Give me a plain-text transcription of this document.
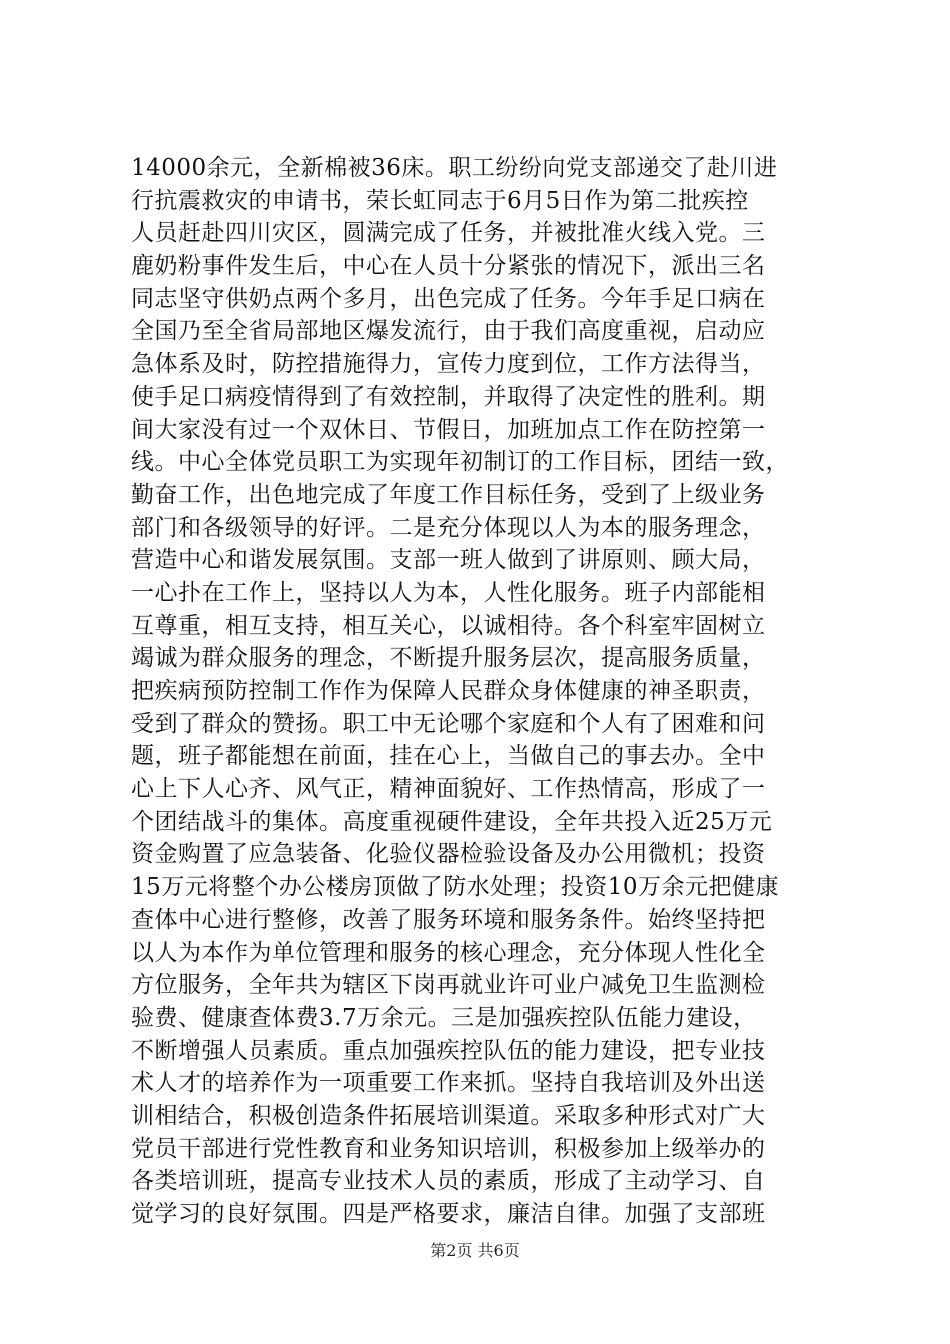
14000余元，全新棉被36床。职工纷纷向党支部递交了赴川进
行抗震救灾的申请书，荣长虹同志于6月5日作为第二批疾控
人员赶赴四川灾区，圆满完成了任务，并被批准火线入党。三
鹿奶粉事件发生后，中心在人员十分紧张的情况下，派出三名
同志坚守供奶点两个多月，出色完成了任务。今年手足口病在
全国乃至全省局部地区爆发流行，由于我们高度重视，启动应
急体系及时，防控措施得力，宣传力度到位，工作方法得当，
使手足口病疫情得到了有效控制，并取得了决定性的胜利。期
间大家没有过一个双休日、节假日，加班加点工作在防控第一
线。中心全体党员职工为实现年初制订的工作目标，团结一致，
勤奋工作，出色地完成了年度工作目标任务，受到了上级业务
部门和各级领导的好评。二是充分体现以人为本的服务理念，
营造中心和谐发展氛围。支部一班人做到了讲原则、顾大局，
一心扑在工作上，坚持以人为本，人性化服务。班子内部能相
互尊重，相互支持，相互关心，以诚相待。各个科室牢固树立
竭诚为群众服务的理念，不断提升服务层次，提高服务质量，
把疾病预防控制工作作为保障人民群众身体健康的神圣职责，
受到了群众的赞扬。职工中无论哪个家庭和个人有了困难和问
题，班子都能想在前面，挂在心上，当做自己的事去办。全中
心上下人心齐、风气正，精神面貌好、工作热情高，形成了一
个团结战斗的集体。高度重视硬件建设，全年共投入近25万元
资金购置了应急装备、化验仪器检验设备及办公用微机；投资
15万元将整个办公楼房顶做了防水处理；投资10万余元把健康
查体中心进行整修，改善了服务环境和服务条件。始终坚持把
以人为本作为单位管理和服务的核心理念，充分体现人性化全
方位服务，全年共为辖区下岗再就业许可业户减免卫生监测检
验费、健康查体费3.7万余元。三是加强疾控队伍能力建设，
不断增强人员素质。重点加强疾控队伍的能力建设，把专业技
术人才的培养作为一项重要工作来抓。坚持自我培训及外出送
训相结合，积极创造条件拓展培训渠道。采取多种形式对广大
党员干部进行党性教育和业务知识培训，积极参加上级举办的
各类培训班，提高专业技术人员的素质，形成了主动学习、自
觉学习的良好氛围。四是严格要求，廉洁自律。加强了支部班
第2页 共6页
